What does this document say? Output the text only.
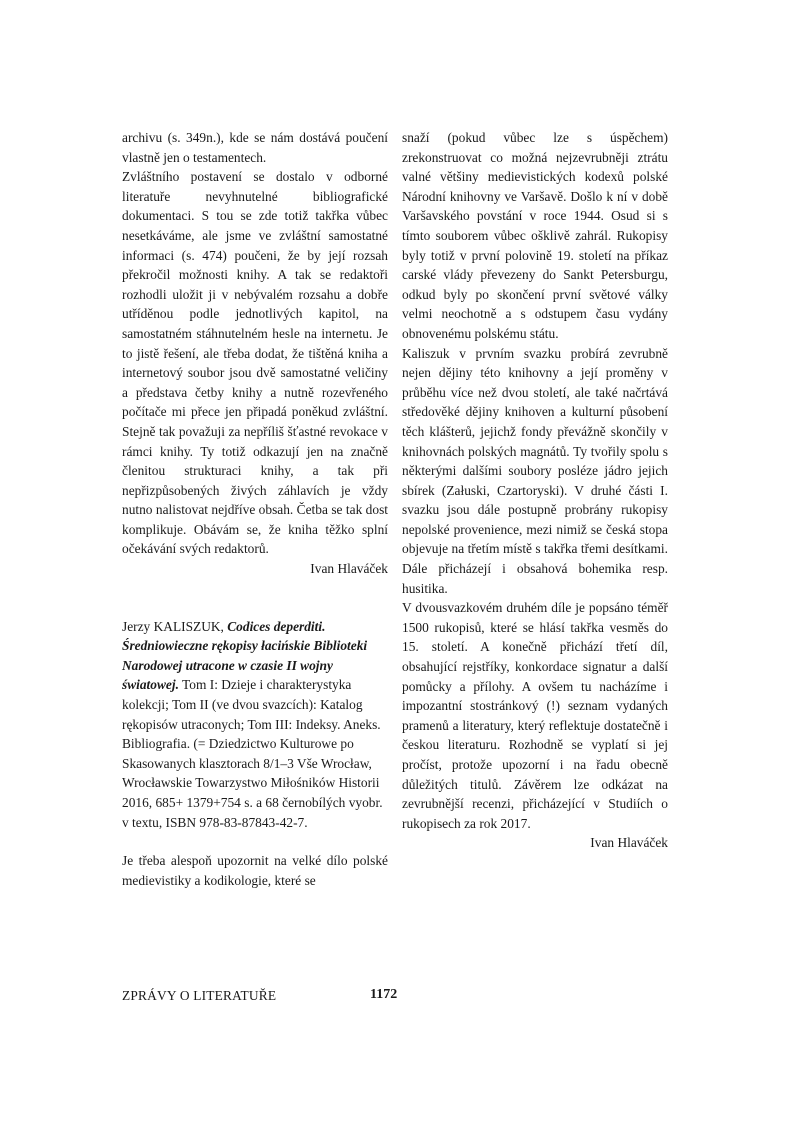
archivu (s. 349n.), kde se nám dostává poučení vlastně jen o testamentech.

Zvláštního postavení se dostalo v odborné literatuře nevyhnutelné bibliografické dokumentaci. S tou se zde totiž takřka vůbec nesetkáváme, ale jsme ve zvláštní samostatné informaci (s. 474) poučeni, že by její rozsah překročil možnosti knihy. A tak se redaktoři rozhodli uložit ji v nebývalém rozsahu a dobře utříděnou podle jednotlivých kapitol, na samostatném stáhnutelném hesle na internetu. Je to jistě řešení, ale třeba dodat, že tištěná kniha a internetový soubor jsou dvě samostatné veličiny a představa četby knihy a nutně rozevřeného počítače mi přece jen připadá poněkud zvláštní. Stejně tak považuji za nepříliš šťastné revokace v rámci knihy. Ty totiž odkazují jen na značně členitou strukturaci knihy, a tak při nepřizpůsobených živých záhlavích je vždy nutno nalistovat nejdříve obsah. Četba se tak dost komplikuje. Obávám se, že kniha těžko splní očekávání svých redaktorů.

Ivan Hlaváček

Jerzy KALISZUK, Codices deperditi. Średniowieczne rękopisy łacińskie Biblioteki Narodowej utracone w czasie II wojny światowej. Tom I: Dzieje i charakterystyka kolekcji; Tom II (ve dvou svazcích): Katalog rękopisów utraconych; Tom III: Indeksy. Aneks. Bibliografia. (= Dziedzictwo Kulturowe po Skasowanych klasztorach 8/1–3 Vše Wrocław, Wrocławskie Towarzystwo Miłośników Historii 2016, 685+ 1379+754 s. a 68 černobílých vyobr. v textu, ISBN 978-83-87843-42-7.

Je třeba alespoň upozornit na velké dílo polské medievistiky a kodikologie, které se

snaží (pokud vůbec lze s úspěchem) zrekonstruovat co možná nejzevrubněji ztrátu valné většiny medievistických kodexů polské Národní knihovny ve Varšavě. Došlo k ní v době Varšavského povstání v roce 1944. Osud si s tímto souborem vůbec ošklivě zahrál. Rukopisy byly totiž v první polovině 19. století na příkaz carské vlády převezeny do Sankt Petersburgu, odkud byly po skončení první světové války velmi neochotně a s odstupem času vydány obnovenému polskému státu.

Kaliszuk v prvním svazku probírá zevrubně nejen dějiny této knihovny a její proměny v průběhu více než dvou století, ale také načrtává středověké dějiny knihoven a kulturní působení těch klášterů, jejichž fondy převážně skončily v knihovnách polských magnátů. Ty tvořily spolu s některými dalšími soubory posléze jádro jejich sbírek (Załuski, Czartoryski). V druhé části I. svazku jsou dále postupně probrány rukopisy nepolské provenience, mezi nimiž se česká stopa objevuje na třetím místě s takřka třemi desítkami. Dále přicházejí i obsahová bohemika resp. husitika.

V dvousvazkovém druhém díle je popsáno téměř 1500 rukopisů, které se hlásí takřka vesměs do 15. století. A konečně přichází třetí díl, obsahující rejstříky, konkordace signatur a další pomůcky a přílohy. A ovšem tu nacházíme i impozantní stostránkový (!) seznam vydaných pramenů a literatury, který reflektuje dostatečně i českou literaturu. Rozhodně se vyplatí si jej pročíst, protože upozorní i na řadu obecně důležitých titulů. Závěrem lze odkázat na zevrubnější recenzi, přicházející v Studiích o rukopisech za rok 2017.

Ivan Hlaváček

ZPRÁVY O LITERATUŘE	1172
